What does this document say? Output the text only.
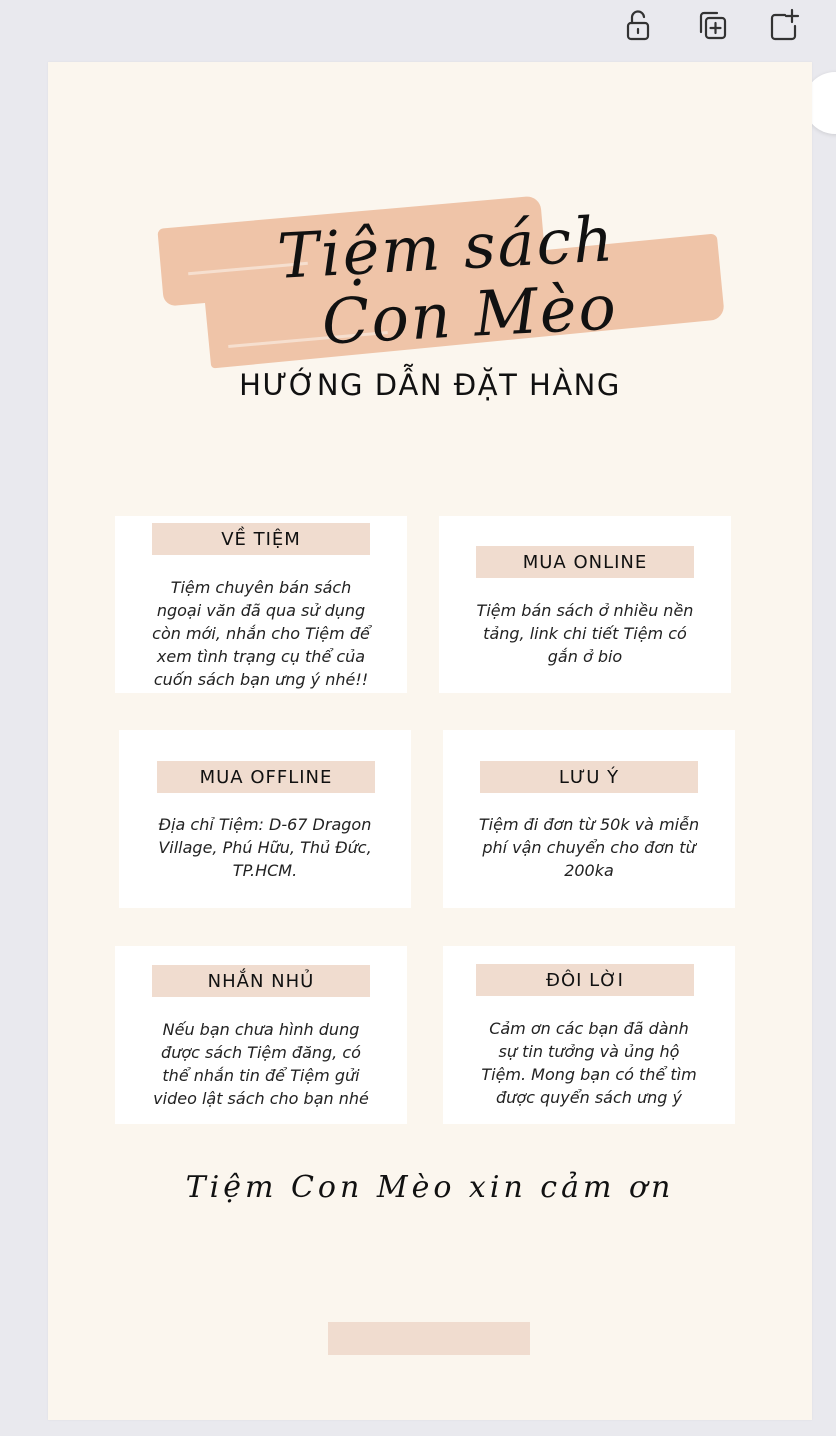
Tiệm sách
Con Mèo
HƯỚNG DẪN ĐẶT HÀNG
VỀ TIỆM
Tiệm chuyên bán sách
ngoại văn đã qua sử dụng
còn mới, nhắn cho Tiệm để
xem tình trạng cụ thể của
cuốn sách bạn ưng ý nhé!!
MUA ONLINE
Tiệm bán sách ở nhiều nền
tảng, link chi tiết Tiệm có
gắn ở bio
MUA OFFLINE
Địa chỉ Tiệm: D-67 Dragon
Village, Phú Hữu, Thủ Đức,
TP.HCM.
LƯU Ý
Tiệm đi đơn từ 50k và miễn
phí vận chuyển cho đơn từ
200ka
NHẮN NHỦ
Nếu bạn chưa hình dung
được sách Tiệm đăng, có
thể nhắn tin để Tiệm gửi
video lật sách cho bạn nhé
ĐÔI LỜI
Cảm ơn các bạn đã dành
sự tin tưởng và ủng hộ
Tiệm. Mong bạn có thể tìm
được quyển sách ưng ý
Tiệm Con Mèo xin cảm ơn
